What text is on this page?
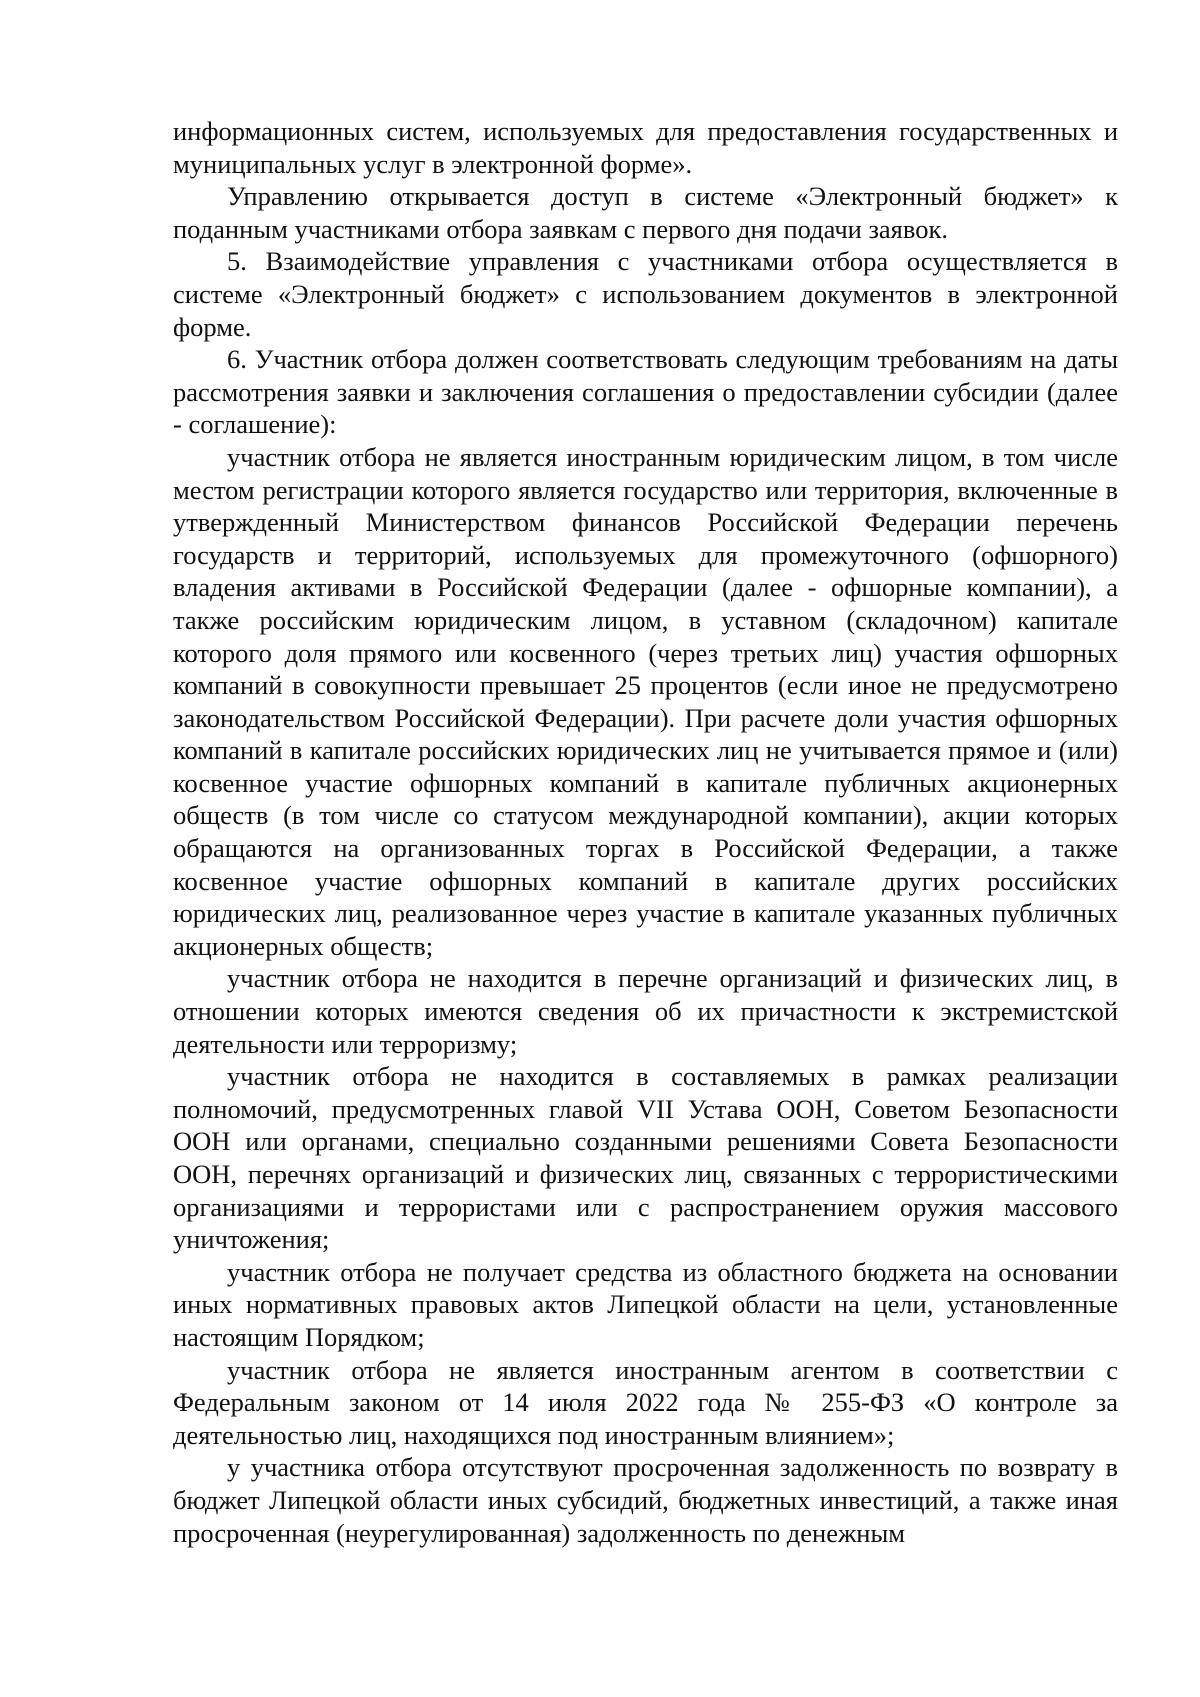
информационных систем, используемых для предоставления государственных и муниципальных услуг в электронной форме».

Управлению открывается доступ в системе «Электронный бюджет» к поданным участниками отбора заявкам с первого дня подачи заявок.

5. Взаимодействие управления с участниками отбора осуществляется в системе «Электронный бюджет» с использованием документов в электронной форме.

6. Участник отбора должен соответствовать следующим требованиям на даты рассмотрения заявки и заключения соглашения о предоставлении субсидии (далее - соглашение):

участник отбора не является иностранным юридическим лицом, в том числе местом регистрации которого является государство или территория, включенные в утвержденный Министерством финансов Российской Федерации перечень государств и территорий, используемых для промежуточного (офшорного) владения активами в Российской Федерации (далее - офшорные компании), а также российским юридическим лицом, в уставном (складочном) капитале которого доля прямого или косвенного (через третьих лиц) участия офшорных компаний в совокупности превышает 25 процентов (если иное не предусмотрено законодательством Российской Федерации). При расчете доли участия офшорных компаний в капитале российских юридических лиц не учитывается прямое и (или) косвенное участие офшорных компаний в капитале публичных акционерных обществ (в том числе со статусом международной компании), акции которых обращаются на организованных торгах в Российской Федерации, а также косвенное участие офшорных компаний в капитале других российских юридических лиц, реализованное через участие в капитале указанных публичных акционерных обществ;

участник отбора не находится в перечне организаций и физических лиц, в отношении которых имеются сведения об их причастности к экстремистской деятельности или терроризму;

участник отбора не находится в составляемых в рамках реализации полномочий, предусмотренных главой VII Устава ООН, Советом Безопасности ООН или органами, специально созданными решениями Совета Безопасности ООН, перечнях организаций и физических лиц, связанных с террористическими организациями и террористами или с распространением оружия массового уничтожения;

участник отбора не получает средства из областного бюджета на основании иных нормативных правовых актов Липецкой области на цели, установленные настоящим Порядком;

участник отбора не является иностранным агентом в соответствии с Федеральным законом от 14 июля 2022 года № 255-ФЗ «О контроле за деятельностью лиц, находящихся под иностранным влиянием»;

у участника отбора отсутствуют просроченная задолженность по возврату в бюджет Липецкой области иных субсидий, бюджетных инвестиций, а также иная просроченная (неурегулированная) задолженность по денежным
